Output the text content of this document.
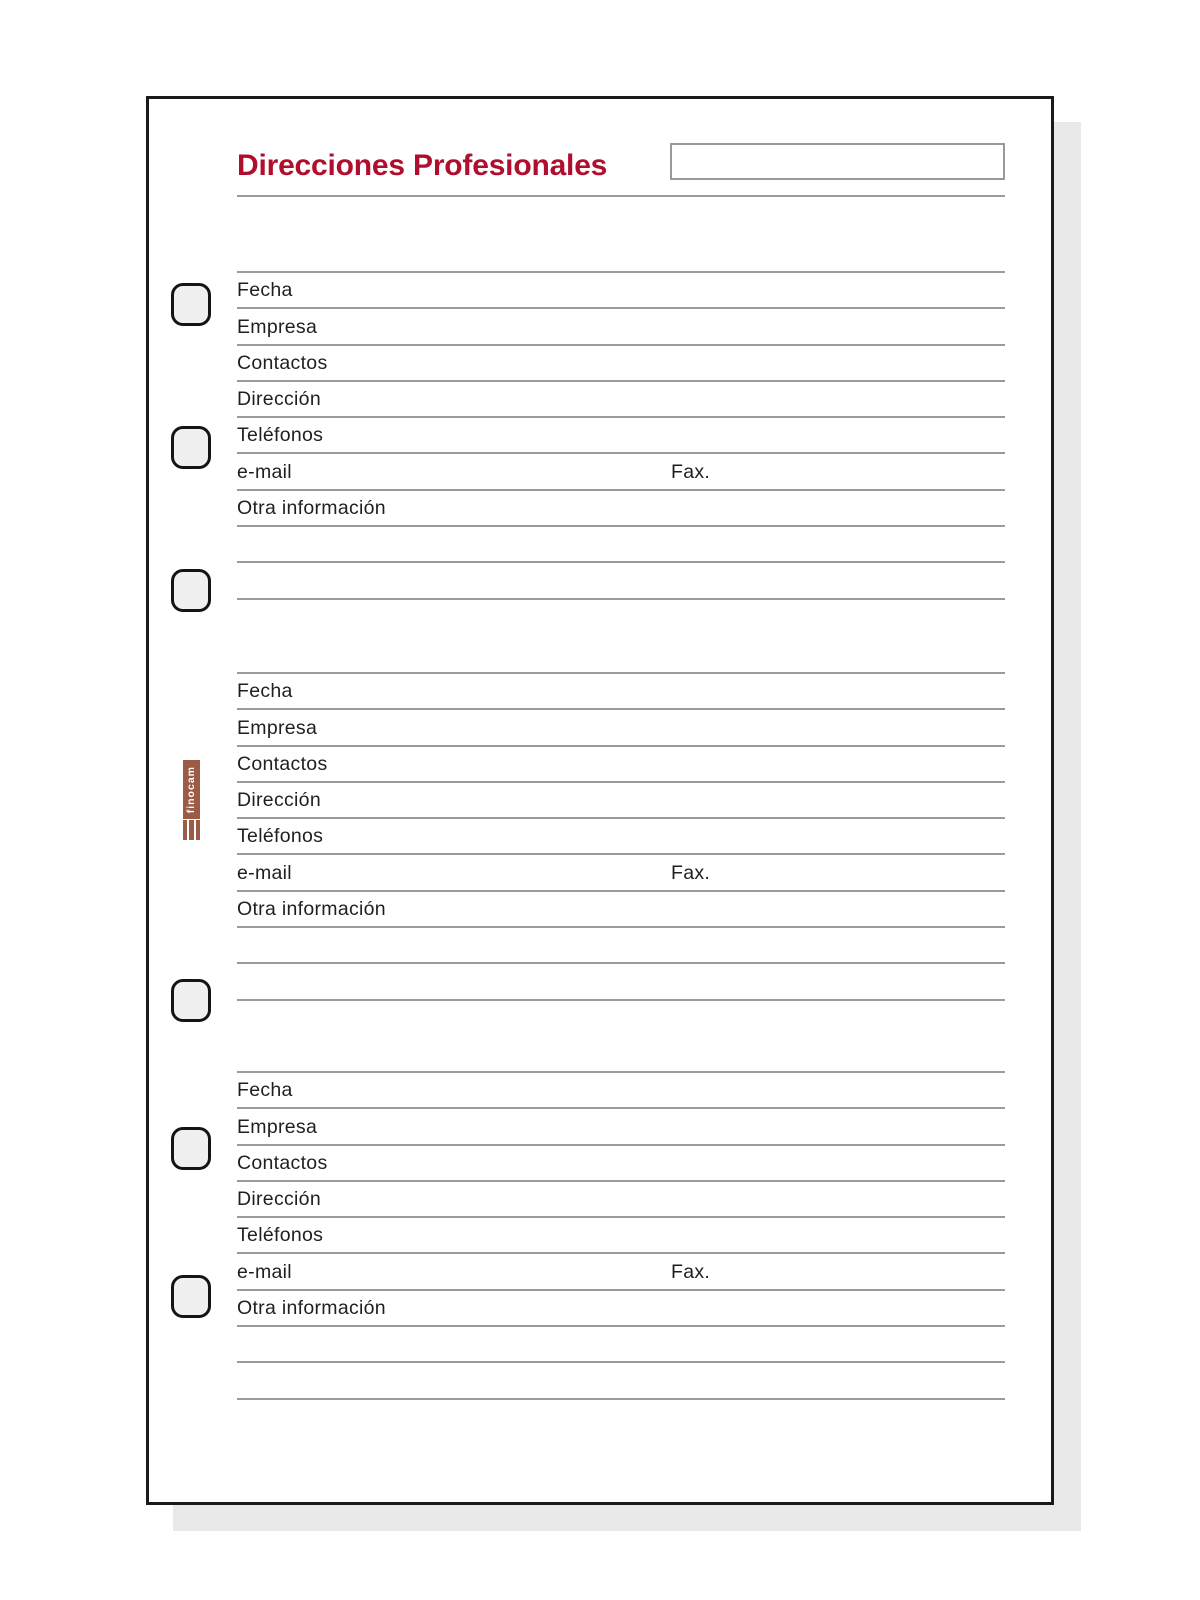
Direcciones Profesionales
Fecha
Empresa
Contactos
Dirección
Teléfonos
e-mail	Fax.
Otra información
Fecha
Empresa
Contactos
Dirección
Teléfonos
e-mail	Fax.
Otra información
Fecha
Empresa
Contactos
Dirección
Teléfonos
e-mail	Fax.
Otra información
finocam
